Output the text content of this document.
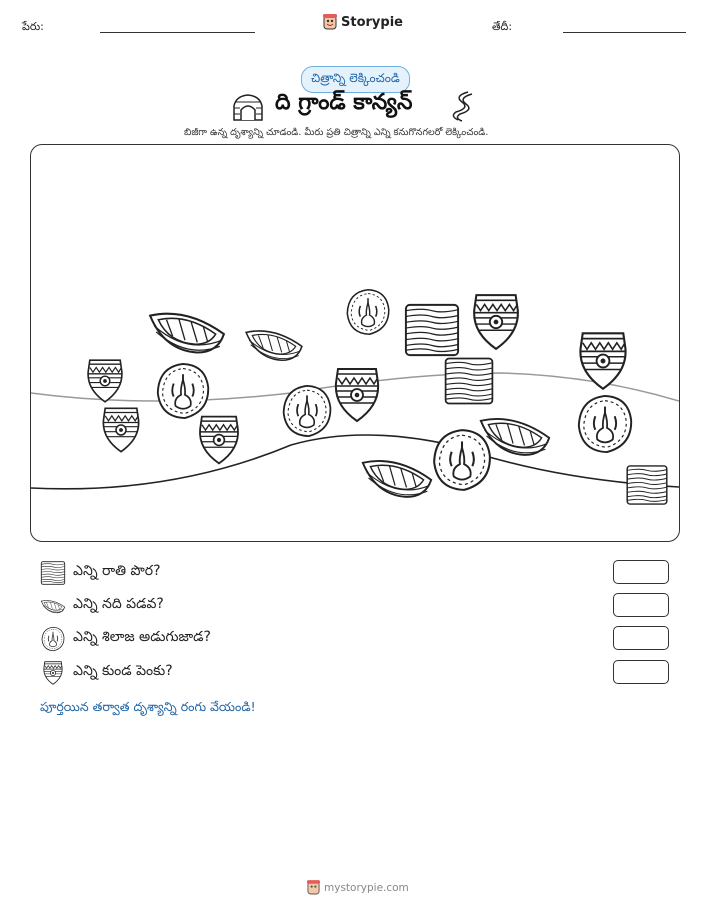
పేరు:	Storypie	తేదీ:
చిత్రాన్ని లెక్కించండి
ది గ్రాండ్ కాన్యన్
బిజీగా ఉన్న దృశ్యాన్ని చూడండి. మీరు ప్రతి చిత్రాన్ని ఎన్ని కనుగొనగలరో లెక్కించండి.
ఎన్ని రాతి పొర?
ఎన్ని నది పడవ?
ఎన్ని శిలాజ అడుగుజాడ?
ఎన్ని కుండ పెంకు?
పూర్తయిన తర్వాత దృశ్యాన్ని రంగు వేయండి!
mystorypie.com
